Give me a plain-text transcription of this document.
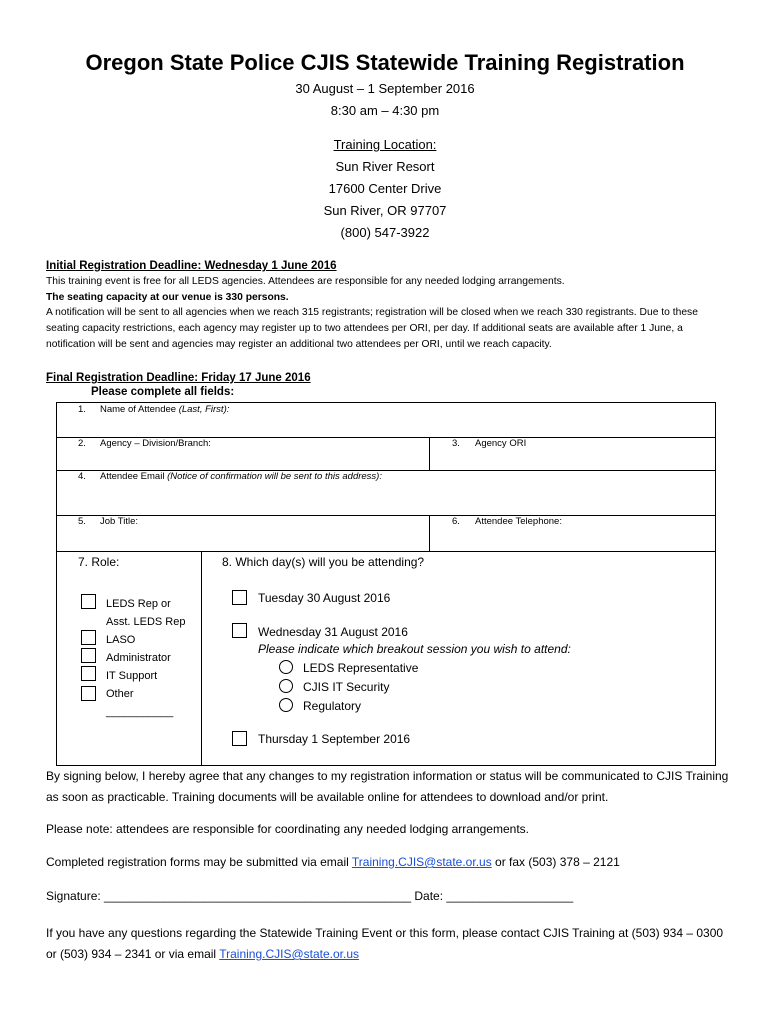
Oregon State Police CJIS Statewide Training Registration
30 August – 1 September 2016
8:30 am – 4:30 pm
Training Location:
Sun River Resort
17600 Center Drive
Sun River, OR 97707
(800) 547-3922
Initial Registration Deadline: Wednesday 1 June 2016
This training event is free for all LEDS agencies. Attendees are responsible for any needed lodging arrangements.
The seating capacity at our venue is 330 persons.
A notification will be sent to all agencies when we reach 315 registrants; registration will be closed when we reach 330 registrants. Due to these seating capacity restrictions, each agency may register up to two attendees per ORI, per day. If additional seats are available after 1 June, a notification will be sent and agencies may register an additional two attendees per ORI, until we reach capacity.
Final Registration Deadline: Friday 17 June 2016
Please complete all fields:
1. Name of Attendee (Last, First):
2. Agency – Division/Branch:	3. Agency ORI
4. Attendee Email (Notice of confirmation will be sent to this address):
5. Job Title:	6. Attendee Telephone:
7. Role:	8. Which day(s) will you be attending?
LEDS Rep or
Asst. LEDS Rep
LASO
Administrator
IT Support
Other
___________
Tuesday 30 August 2016
Wednesday 31 August 2016
Please indicate which breakout session you wish to attend:
LEDS Representative
CJIS IT Security
Regulatory
Thursday 1 September 2016
By signing below, I hereby agree that any changes to my registration information or status will be communicated to CJIS Training as soon as practicable. Training documents will be available online for attendees to download and/or print.
Please note: attendees are responsible for coordinating any needed lodging arrangements.
Completed registration forms may be submitted via email Training.CJIS@state.or.us or fax (503) 378 – 2121
Signature: ______________________________________________ Date: ___________________
If you have any questions regarding the Statewide Training Event or this form, please contact CJIS Training at (503) 934 – 0300 or (503) 934 – 2341 or via email Training.CJIS@state.or.us
